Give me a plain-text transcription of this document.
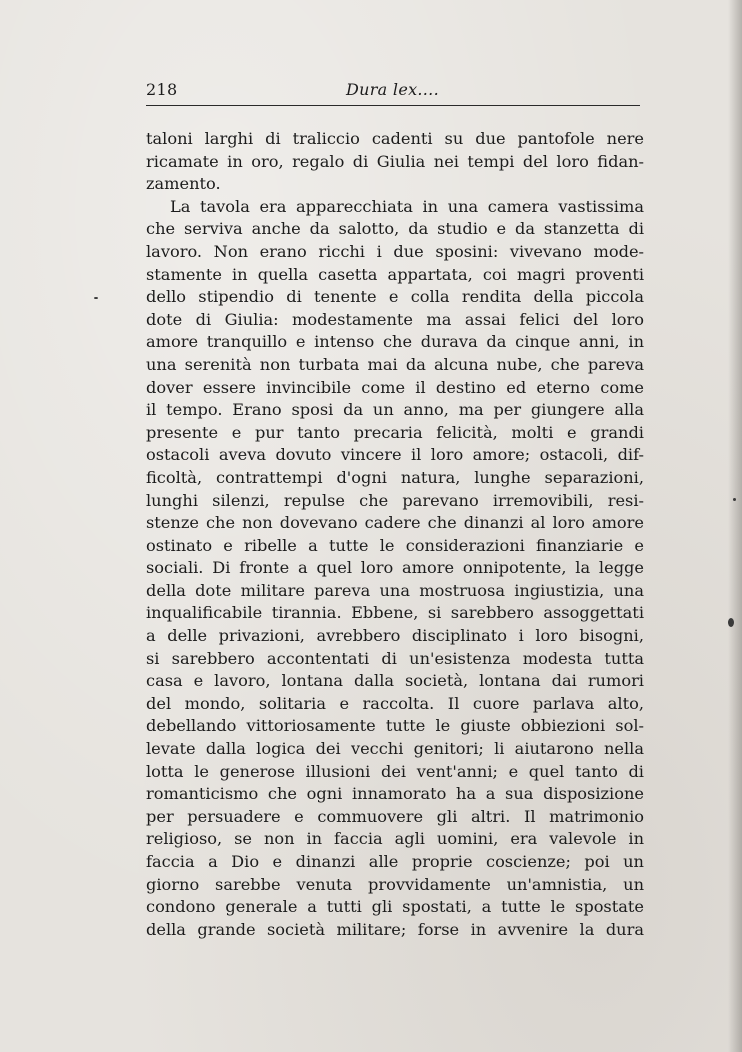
218	Dura lex....
taloni larghi di traliccio cadenti su due pantofole nere
ricamate in oro, regalo di Giulia nei tempi del loro fidan-
zamento.
La tavola era apparecchiata in una camera vastissima
che serviva anche da salotto, da studio e da stanzetta di
lavoro. Non erano ricchi i due sposini: vivevano mode-
stamente in quella casetta appartata, coi magri proventi
dello stipendio di tenente e colla rendita della piccola
dote di Giulia: modestamente ma assai felici del loro
amore tranquillo e intenso che durava da cinque anni, in
una serenità non turbata mai da alcuna nube, che pareva
dover essere invincibile come il destino ed eterno come
il tempo. Erano sposi da un anno, ma per giungere alla
presente e pur tanto precaria felicità, molti e grandi
ostacoli aveva dovuto vincere il loro amore; ostacoli, dif-
ficoltà, contrattempi d'ogni natura, lunghe separazioni,
lunghi silenzi, repulse che parevano irremovibili, resi-
stenze che non dovevano cadere che dinanzi al loro amore
ostinato e ribelle a tutte le considerazioni finanziarie e
sociali. Di fronte a quel loro amore onnipotente, la legge
della dote militare pareva una mostruosa ingiustizia, una
inqualificabile tirannia. Ebbene, si sarebbero assoggettati
a delle privazioni, avrebbero disciplinato i loro bisogni,
si sarebbero accontentati di un'esistenza modesta tutta
casa e lavoro, lontana dalla società, lontana dai rumori
del mondo, solitaria e raccolta. Il cuore parlava alto,
debellando vittoriosamente tutte le giuste obbiezioni sol-
levate dalla logica dei vecchi genitori; li aiutarono nella
lotta le generose illusioni dei vent'anni; e quel tanto di
romanticismo che ogni innamorato ha a sua disposizione
per persuadere e commuovere gli altri. Il matrimonio
religioso, se non in faccia agli uomini, era valevole in
faccia a Dio e dinanzi alle proprie coscienze; poi un
giorno sarebbe venuta provvidamente un'amnistia, un
condono generale a tutti gli spostati, a tutte le spostate
della grande società militare; forse in avvenire la dura
